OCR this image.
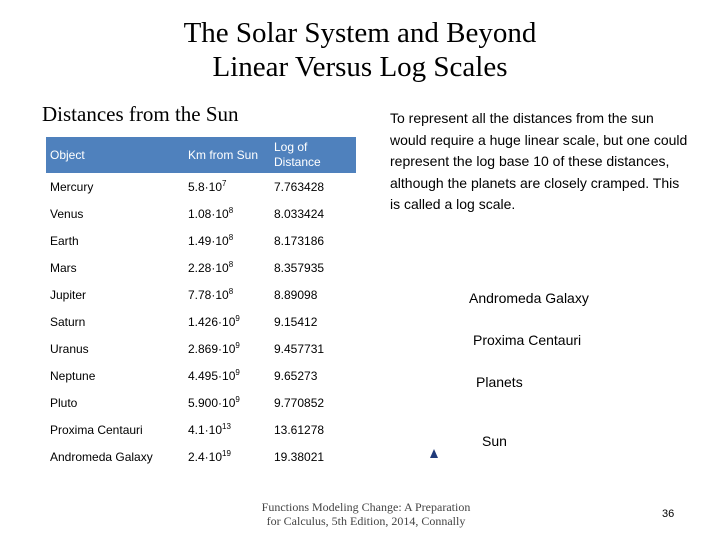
The Solar System and Beyond
Linear Versus Log Scales
Distances from the Sun
Object	Km from Sun	Log of Distance
Mercury	$5.8\cdot 10^7$	7.763428
Venus	$1.08\cdot 10^8$	8.033424
Earth	$1.49\cdot 10^8$	8.173186
Mars	$2.28\cdot 10^8$	8.357935
Jupiter	$7.78\cdot 10^8$	8.89098
Saturn	$1.426\cdot 10^9$	9.15412
Uranus	$2.869\cdot 10^9$	9.457731
Neptune	$4.495\cdot 10^9$	9.65273
Pluto	$5.900\cdot 10^9$	9.770852
Proxima Centauri	$4.1\cdot 10^{13}$	13.61278
Andromeda Galaxy	$2.4\cdot 10^{19}$	19.38021

To represent all the distances from the sun would require a huge linear scale, but one could represent the log base 10 of these distances, although the planets are closely cramped. This is called a log scale.

Andromeda Galaxy
Proxima Centauri
Planets
Sun
Functions Modeling Change: A Preparation
for Calculus, 5th Edition, 2014, Connally	36
